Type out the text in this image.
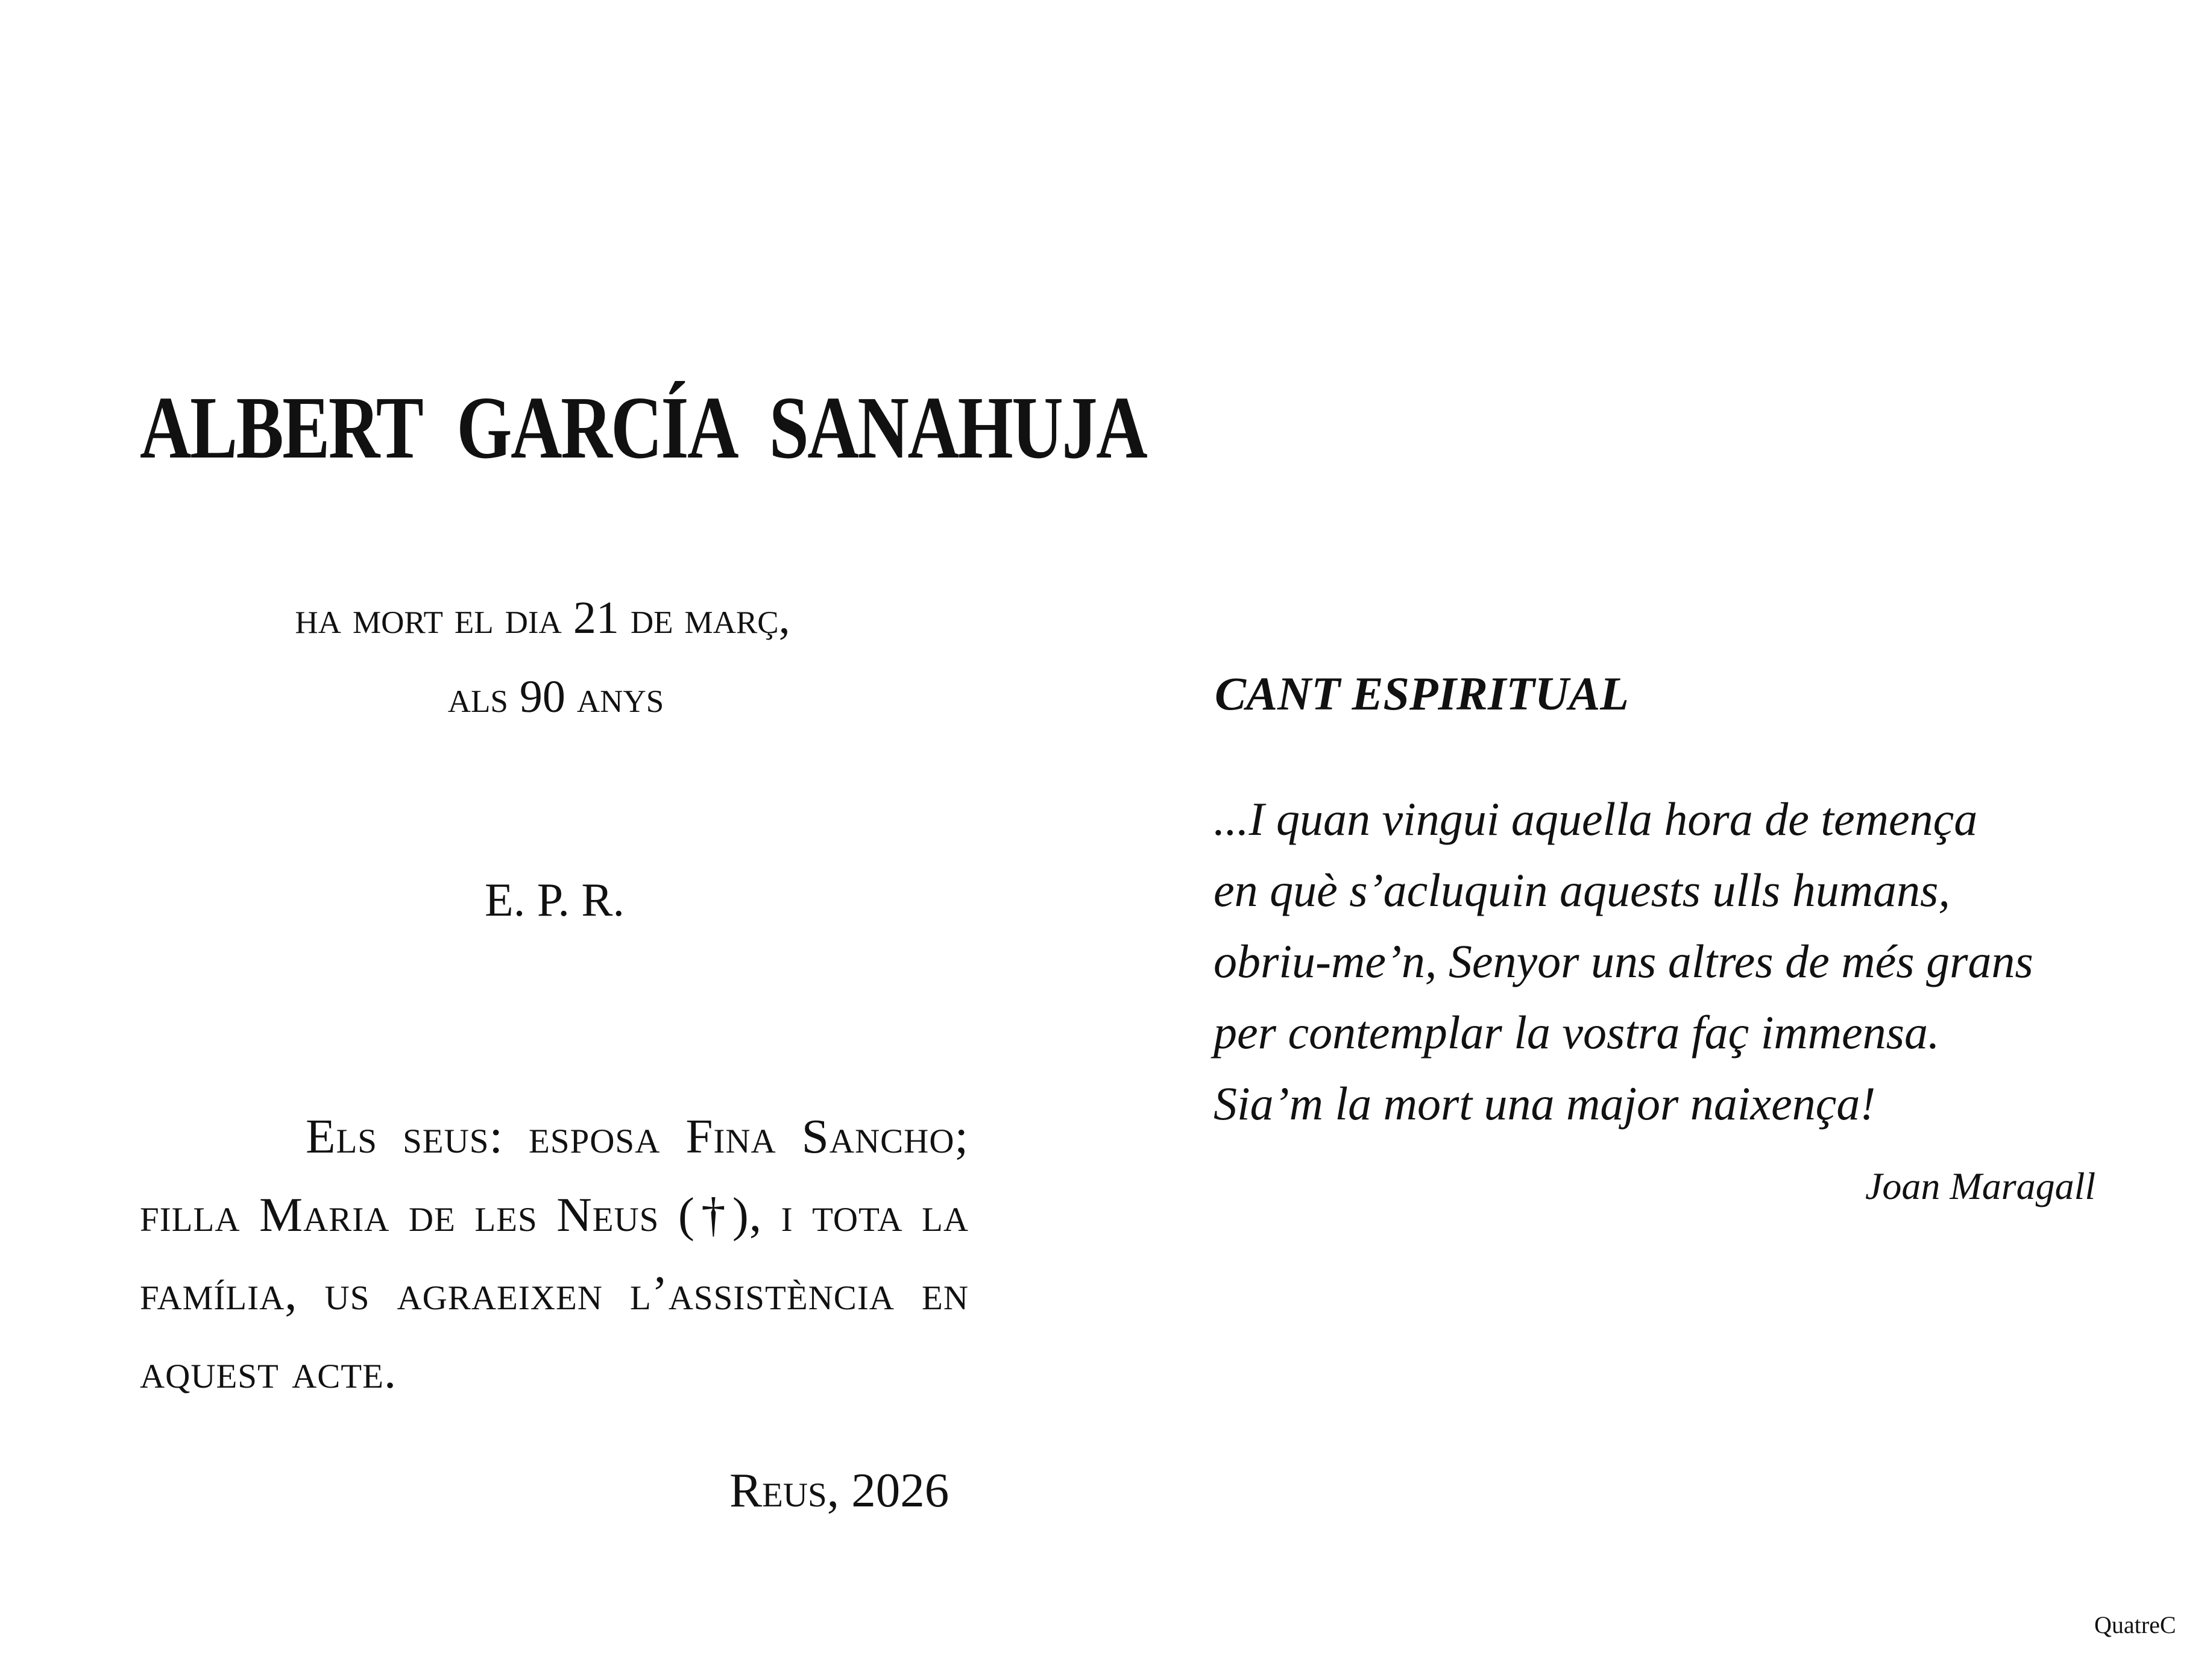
ALBERT GARCÍA SANAHUJA

ha mort el dia 21 de març,

als 90 anys

E. P. R.

Els seus: esposa Fina Sancho; filla Maria de les Neus (†), i tota la família, us agraeixen l’assistència en aquest acte.

Reus, 2026

CANT ESPIRITUAL
...I quan vingui aquella hora de temença
en què s’acluquin aquests ulls humans,
obriu-me’n, Senyor uns altres de més grans
per contemplar la vostra faç immensa.
Sia’m la mort una major naixença!

Joan Maragall

QuatreC
